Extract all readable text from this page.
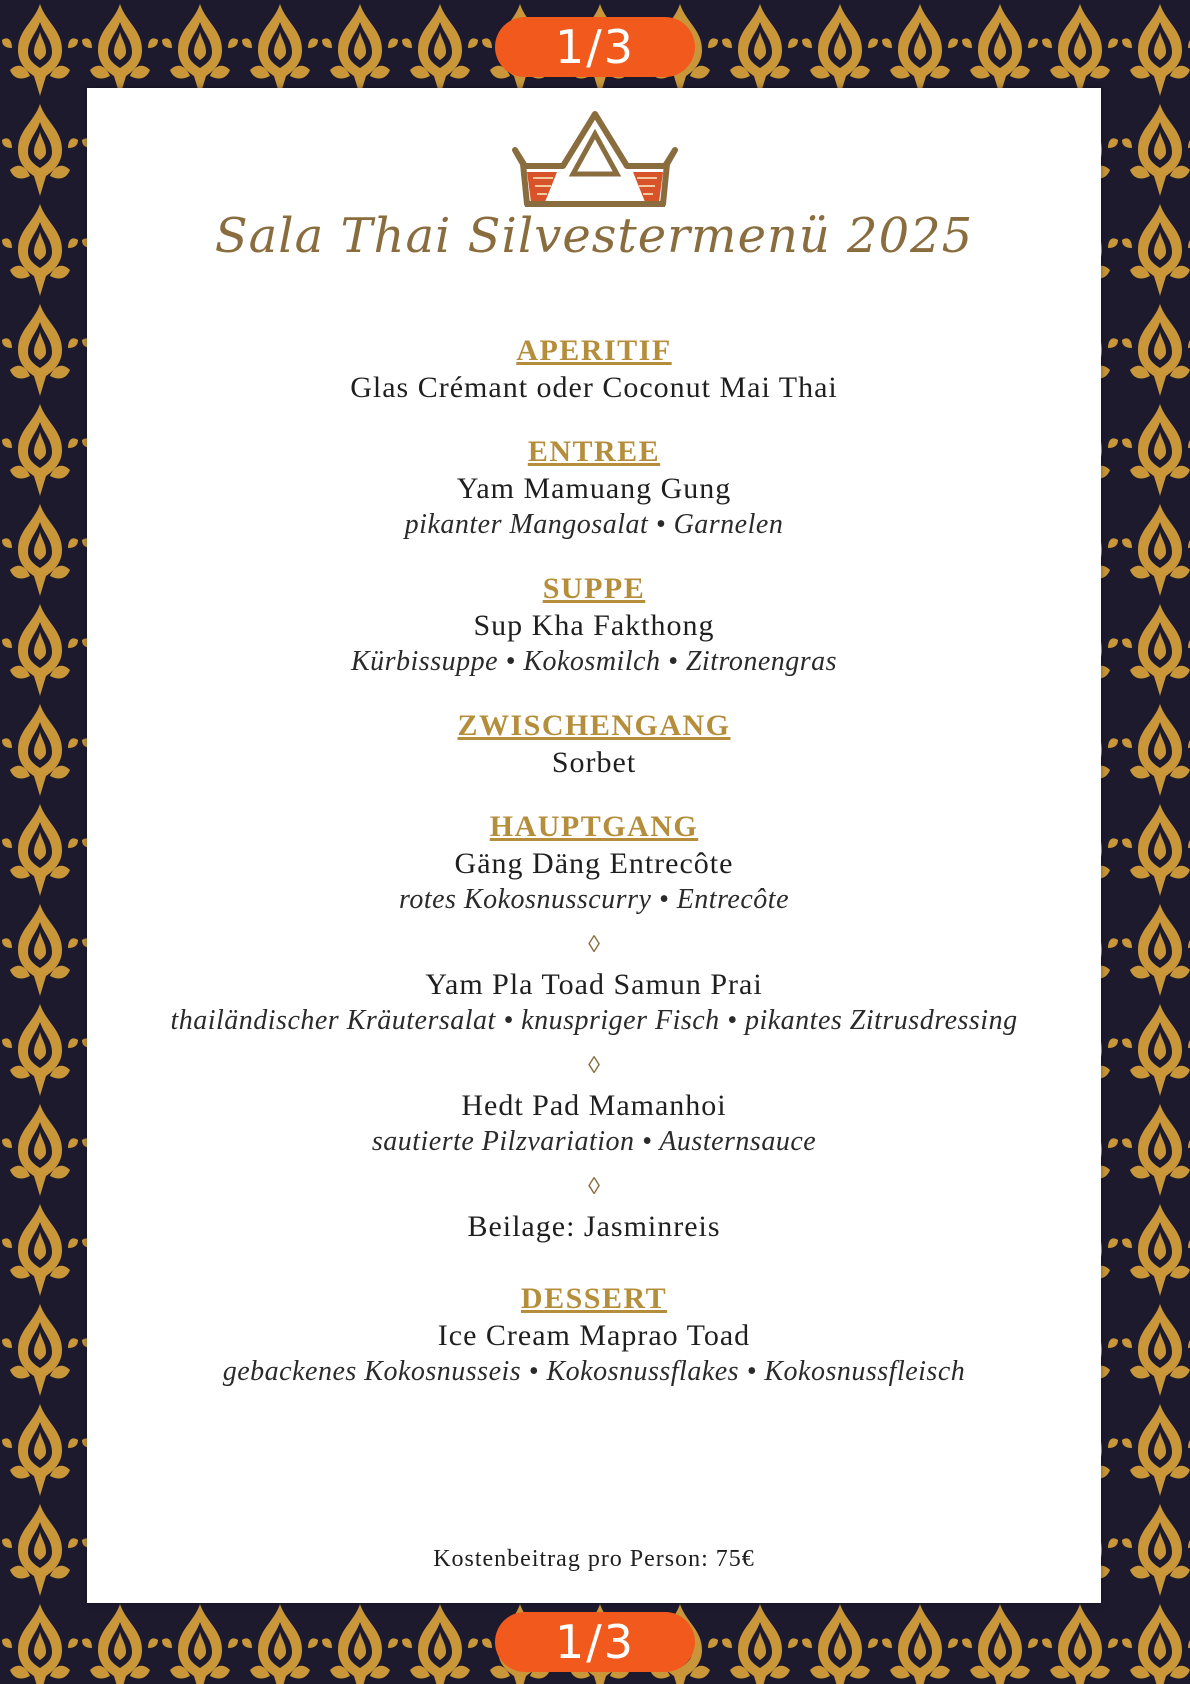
1/3
Sala Thai Silvestermenü 2025
APERITIF
Glas Crémant oder Coconut Mai Thai
ENTREE
Yam Mamuang Gung
pikanter Mangosalat • Garnelen
SUPPE
Sup Kha Fakthong
Kürbissuppe • Kokosmilch • Zitronengras
ZWISCHENGANG
Sorbet
HAUPTGANG
Gäng Däng Entrecôte
rotes Kokosnusscurry • Entrecôte
◊
Yam Pla Toad Samun Prai
thailändischer Kräutersalat • knuspriger Fisch • pikantes Zitrusdressing
◊
Hedt Pad Mamanhoi
sautierte Pilzvariation • Austernsauce
◊
Beilage: Jasminreis
DESSERT
Ice Cream Maprao Toad
gebackenes Kokosnusseis • Kokosnussflakes • Kokosnussfleisch
Kostenbeitrag pro Person: 75€
1/3
